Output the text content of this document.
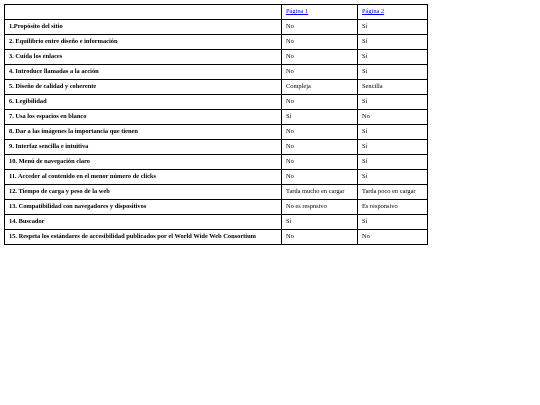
	Página 1	Página 2
1.Propósito del sitio	No	Sí
2. Equilibrio entre diseño e información	No	Sí
3. Cuida los enlaces	No	Sí
4. Introduce llamadas a la acción	No	Sí
5. Diseño de calidad y coherente	Compleja	Sencilla
6. Legibilidad	No	Sí
7. Usa los espacios en blanco	Sí	No
8. Dar a las imágenes la importancia que tienen	No	Sí
9. Interfaz sencilla e intuitiva	No	Sí
10. Menú de navegación claro	No	Sí
11. Acceder al contenido en el menor número de clicks	No	Sí
12. Tiempo de carga y peso de la web	Tarda mucho en cargar	Tarda poco en cargar
13. Compatibilidad con navegadores y dispositivos	No es respnsivo	Es responsivo
14. Buscador	Sí	Sí
15. Respeta los estándares de accesibilidad publicados por el World Wide Web Consortium	No	No
